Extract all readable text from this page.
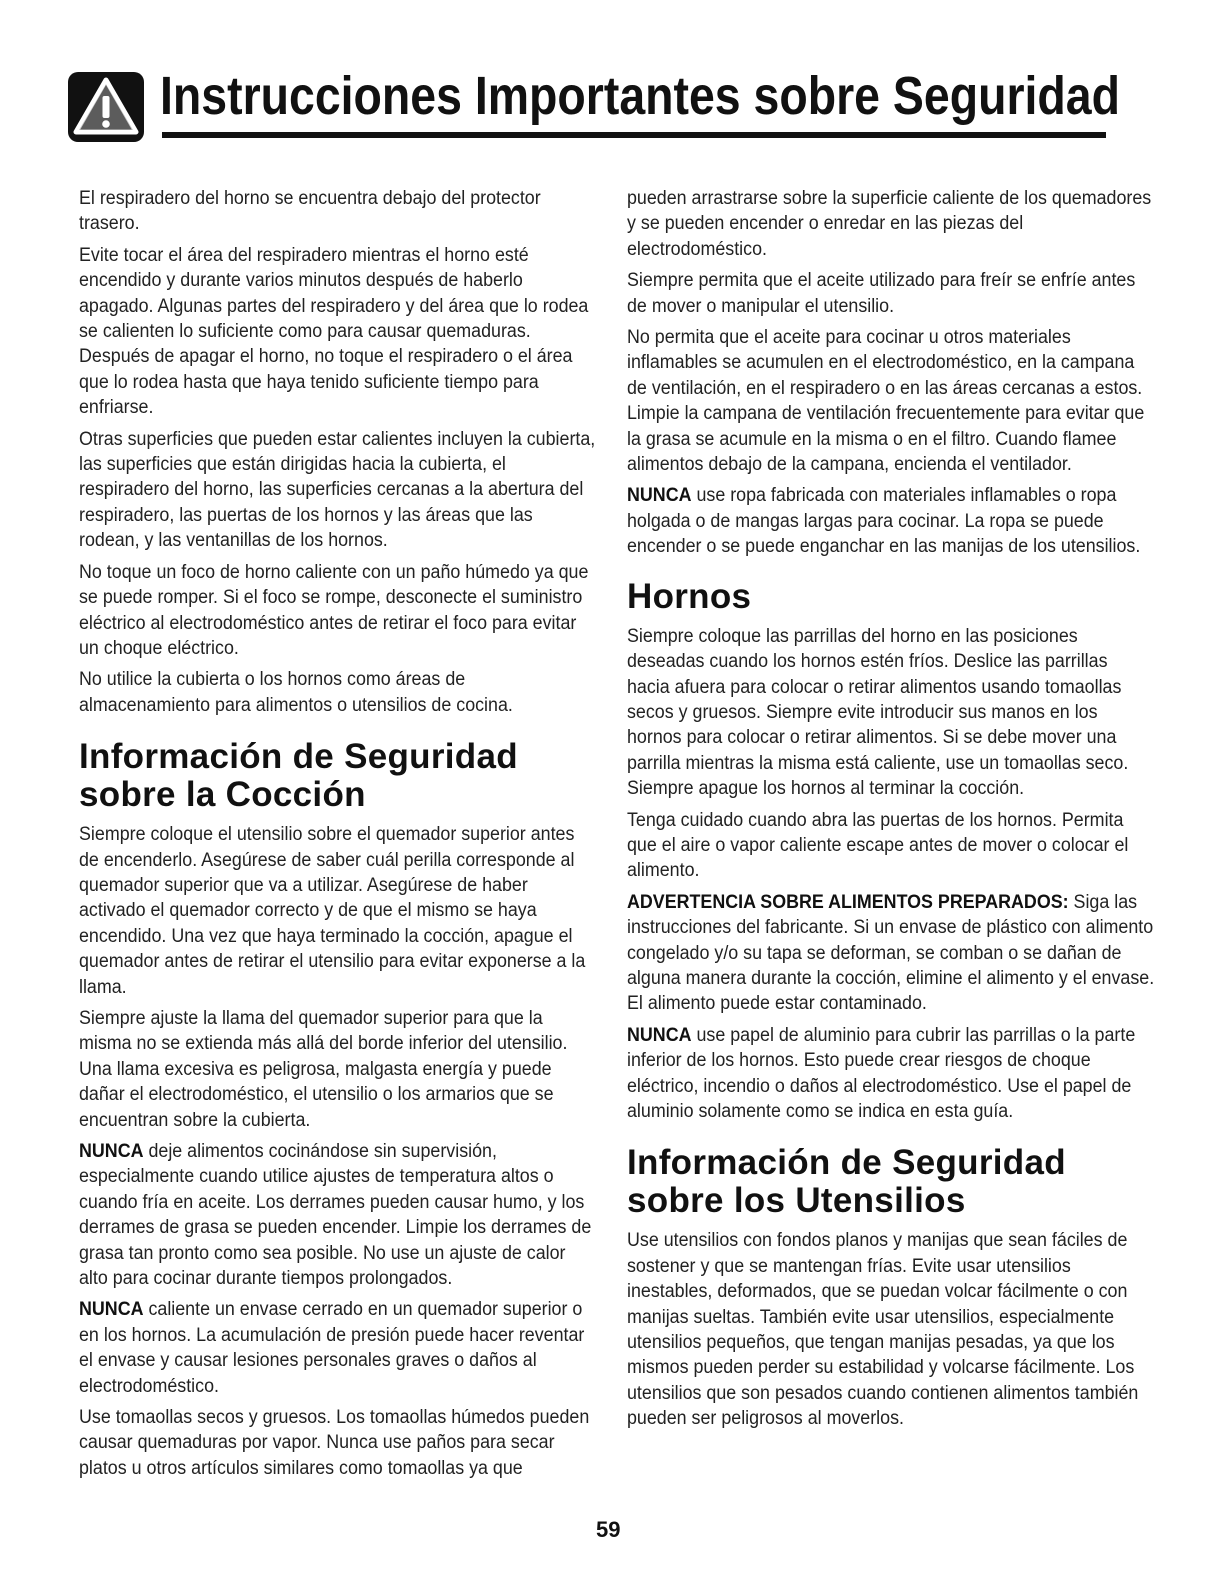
Instrucciones Importantes sobre Seguridad

El respiradero del horno se encuentra debajo del protector trasero.

Evite tocar el área del respiradero mientras el horno esté encendido y durante varios minutos después de haberlo apagado. Algunas partes del respiradero y del área que lo rodea se calienten lo suficiente como para causar quemaduras. Después de apagar el horno, no toque el respiradero o el área que lo rodea hasta que haya tenido suficiente tiempo para enfriarse.

Otras superficies que pueden estar calientes incluyen la cubierta, las superficies que están dirigidas hacia la cubierta, el respiradero del horno, las superficies cercanas a la abertura del respiradero, las puertas de los hornos y las áreas que las rodean, y las ventanillas de los hornos.

No toque un foco de horno caliente con un paño húmedo ya que se puede romper. Si el foco se rompe, desconecte el suministro eléctrico al electrodoméstico antes de retirar el foco para evitar un choque eléctrico.

No utilice la cubierta o los hornos como áreas de almacenamiento para alimentos o utensilios de cocina.

Información de Seguridad
sobre la Cocción

Siempre coloque el utensilio sobre el quemador superior antes de encenderlo. Asegúrese de saber cuál perilla corresponde al quemador superior que va a utilizar. Asegúrese de haber activado el quemador correcto y de que el mismo se haya encendido. Una vez que haya terminado la cocción, apague el quemador antes de retirar el utensilio para evitar exponerse a la llama.

Siempre ajuste la llama del quemador superior para que la misma no se extienda más allá del borde inferior del utensilio. Una llama excesiva es peligrosa, malgasta energía y puede dañar el electrodoméstico, el utensilio o los armarios que se encuentran sobre la cubierta.

NUNCA deje alimentos cocinándose sin supervisión, especialmente cuando utilice ajustes de temperatura altos o cuando fría en aceite. Los derrames pueden causar humo, y los derrames de grasa se pueden encender. Limpie los derrames de grasa tan pronto como sea posible. No use un ajuste de calor alto para cocinar durante tiempos prolongados.

NUNCA caliente un envase cerrado en un quemador superior o en los hornos. La acumulación de presión puede hacer reventar el envase y causar lesiones personales graves o daños al electrodoméstico.

Use tomaollas secos y gruesos. Los tomaollas húmedos pueden causar quemaduras por vapor. Nunca use paños para secar platos u otros artículos similares como tomaollas ya que

pueden arrastrarse sobre la superficie caliente de los quemadores y se pueden encender o enredar en las piezas del electrodoméstico.

Siempre permita que el aceite utilizado para freír se enfríe antes de mover o manipular el utensilio.

No permita que el aceite para cocinar u otros materiales inflamables se acumulen en el electrodoméstico, en la campana de ventilación, en el respiradero o en las áreas cercanas a estos. Limpie la campana de ventilación frecuentemente para evitar que la grasa se acumule en la misma o en el filtro. Cuando flamee alimentos debajo de la campana, encienda el ventilador.

NUNCA use ropa fabricada con materiales inflamables o ropa holgada o de mangas largas para cocinar. La ropa se puede encender o se puede enganchar en las manijas de los utensilios.

Hornos

Siempre coloque las parrillas del horno en las posiciones deseadas cuando los hornos estén fríos. Deslice las parrillas hacia afuera para colocar o retirar alimentos usando tomaollas secos y gruesos. Siempre evite introducir sus manos en los hornos para colocar o retirar alimentos. Si se debe mover una parrilla mientras la misma está caliente, use un tomaollas seco. Siempre apague los hornos al terminar la cocción.

Tenga cuidado cuando abra las puertas de los hornos. Permita que el aire o vapor caliente escape antes de mover o colocar el alimento.

ADVERTENCIA SOBRE ALIMENTOS PREPARADOS: Siga las instrucciones del fabricante. Si un envase de plástico con alimento congelado y/o su tapa se deforman, se comban o se dañan de alguna manera durante la cocción, elimine el alimento y el envase. El alimento puede estar contaminado.

NUNCA use papel de aluminio para cubrir las parrillas o la parte inferior de los hornos. Esto puede crear riesgos de choque eléctrico, incendio o daños al electrodoméstico. Use el papel de aluminio solamente como se indica en esta guía.

Información de Seguridad
sobre los Utensilios

Use utensilios con fondos planos y manijas que sean fáciles de sostener y que se mantengan frías. Evite usar utensilios inestables, deformados, que se puedan volcar fácilmente o con manijas sueltas. También evite usar utensilios, especialmente utensilios pequeños, que tengan manijas pesadas, ya que los mismos pueden perder su estabilidad y volcarse fácilmente. Los utensilios que son pesados cuando contienen alimentos también pueden ser peligrosos al moverlos.

59
